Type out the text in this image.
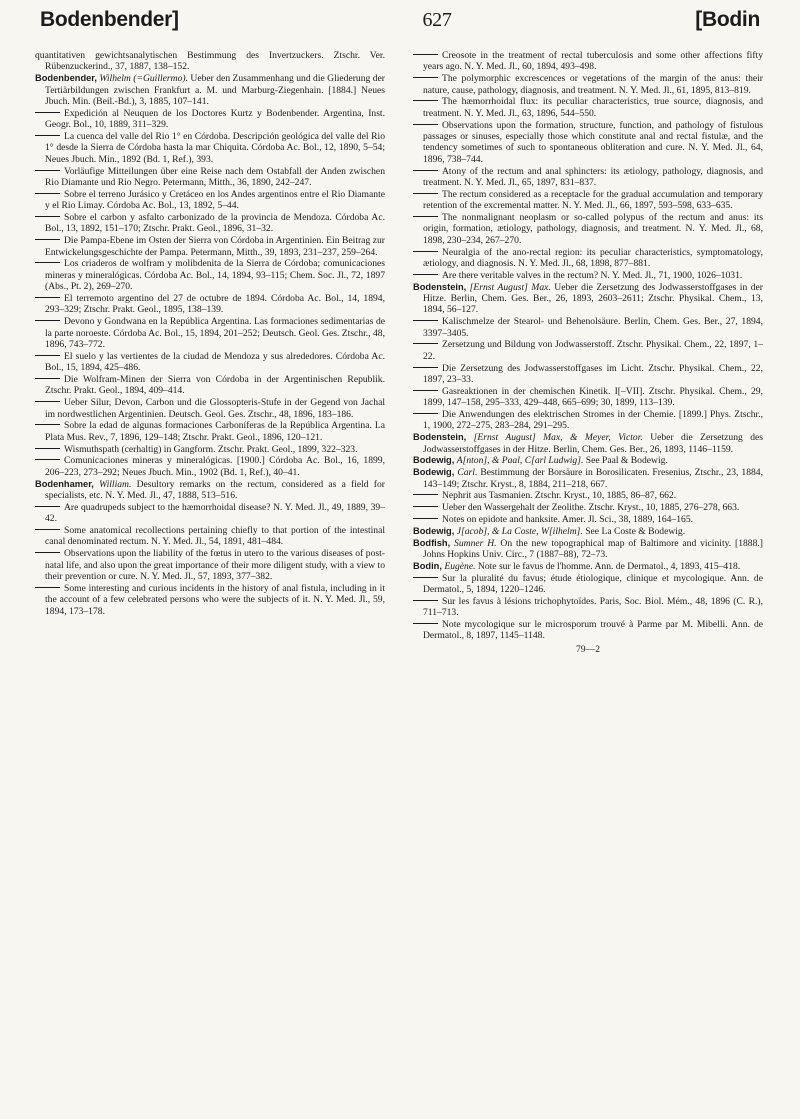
Bodenbender]	627	[Bodin

quantitativen gewichtsanalytischen Bestimmung des Invertzuckers. Ztschr. Ver. Rübenzuckerind., 37, 1887, 138–152.

Bodenbender, Wilhelm (=Guillermo). Ueber den Zusammenhang und die Gliederung der Tertiärbildungen zwischen Frankfurt a. M. und Marburg-Ziegenhain. [1884.] Neues Jbuch. Min. (Beil.-Bd.), 3, 1885, 107–141.

Expedición al Neuquen de los Doctores Kurtz y Bodenbender. Argentina, Inst. Geogr. Bol., 10, 1889, 311–329.

La cuenca del valle del Rio 1° en Córdoba. Descripción geológica del valle del Rio 1° desde la Sierra de Córdoba hasta la mar Chiquita. Córdoba Ac. Bol., 12, 1890, 5–54; Neues Jbuch. Min., 1892 (Bd. 1, Ref.), 393.

Vorläufige Mitteilungen über eine Reise nach dem Ostabfall der Anden zwischen Rio Diamante und Rio Negro. Petermann, Mitth., 36, 1890, 242–247.

Sobre el terreno Jurásico y Cretáceo en los Andes argentinos entre el Rio Diamante y el Rio Limay. Córdoba Ac. Bol., 13, 1892, 5–44.

Sobre el carbon y asfalto carbonizado de la provincia de Mendoza. Córdoba Ac. Bol., 13, 1892, 151–170; Ztschr. Prakt. Geol., 1896, 31–32.

Die Pampa-Ebene im Osten der Sierra von Córdoba in Argentinien. Ein Beitrag zur Entwickelungsgeschichte der Pampa. Petermann, Mitth., 39, 1893, 231–237, 259–264.

Los criaderos de wolfram y molibdenita de la Sierra de Córdoba; comunicaciones mineras y mineralógicas. Córdoba Ac. Bol., 14, 1894, 93–115; Chem. Soc. Jl., 72, 1897 (Abs., Pt. 2), 269–270.

El terremoto argentino del 27 de octubre de 1894. Córdoba Ac. Bol., 14, 1894, 293–329; Ztschr. Prakt. Geol., 1895, 138–139.

Devono y Gondwana en la República Argentina. Las formaciones sedimentarias de la parte noroeste. Córdoba Ac. Bol., 15, 1894, 201–252; Deutsch. Geol. Ges. Ztschr., 48, 1896, 743–772.

El suelo y las vertientes de la ciudad de Mendoza y sus alrededores. Córdoba Ac. Bol., 15, 1894, 425–486.

Die Wolfram-Minen der Sierra von Córdoba in der Argentinischen Republik. Ztschr. Prakt. Geol., 1894, 409–414.

Ueber Silur, Devon, Carbon und die Glossopteris-Stufe in der Gegend von Jachal im nordwestlichen Argentinien. Deutsch. Geol. Ges. Ztschr., 48, 1896, 183–186.

Sobre la edad de algunas formaciones Carboníferas de la República Argentina. La Plata Mus. Rev., 7, 1896, 129–148; Ztschr. Prakt. Geol., 1896, 120–121.

Wismuthspath (cerhaltig) in Gangform. Ztschr. Prakt. Geol., 1899, 322–323.

Comunicaciones mineras y mineralógicas. [1900.] Córdoba Ac. Bol., 16, 1899, 206–223, 273–292; Neues Jbuch. Min., 1902 (Bd. 1, Ref.), 40–41.

Bodenhamer, William. Desultory remarks on the rectum, considered as a field for specialists, etc. N. Y. Med. Jl., 47, 1888, 513–516.

Are quadrupeds subject to the hæmorrhoidal disease? N. Y. Med. Jl., 49, 1889, 39–42.

Some anatomical recollections pertaining chiefly to that portion of the intestinal canal denominated rectum. N. Y. Med. Jl., 54, 1891, 481–484.

Observations upon the liability of the fœtus in utero to the various diseases of post-natal life, and also upon the great importance of their more diligent study, with a view to their prevention or cure. N. Y. Med. Jl., 57, 1893, 377–382.

Some interesting and curious incidents in the history of anal fistula, including in it the account of a few celebrated persons who were the subjects of it. N. Y. Med. Jl., 59, 1894, 173–178.

Creosote in the treatment of rectal tuberculosis and some other affections fifty years ago. N. Y. Med. Jl., 60, 1894, 493–498.

The polymorphic excrescences or vegetations of the margin of the anus: their nature, cause, pathology, diagnosis, and treatment. N. Y. Med. Jl., 61, 1895, 813–819.

The hæmorrhoidal flux: its peculiar characteristics, true source, diagnosis, and treatment. N. Y. Med. Jl., 63, 1896, 544–550.

Observations upon the formation, structure, function, and pathology of fistulous passages or sinuses, especially those which constitute anal and rectal fistulæ, and the tendency sometimes of such to spontaneous obliteration and cure. N. Y. Med. Jl., 64, 1896, 738–744.

Atony of the rectum and anal sphincters: its ætiology, pathology, diagnosis, and treatment. N. Y. Med. Jl., 65, 1897, 831–837.

The rectum considered as a receptacle for the gradual accumulation and temporary retention of the excremental matter. N. Y. Med. Jl., 66, 1897, 593–598, 633–635.

The nonmalignant neoplasm or so-called polypus of the rectum and anus: its origin, formation, ætiology, pathology, diagnosis, and treatment. N. Y. Med. Jl., 68, 1898, 230–234, 267–270.

Neuralgia of the ano-rectal region: its peculiar characteristics, symptomatology, ætiology, and diagnosis. N. Y. Med. Jl., 68, 1898, 877–881.

Are there veritable valves in the rectum? N. Y. Med. Jl., 71, 1900, 1026–1031.

Bodenstein, [Ernst August] Max. Ueber die Zersetzung des Jodwasserstoffgases in der Hitze. Berlin, Chem. Ges. Ber., 26, 1893, 2603–2611; Ztschr. Physikal. Chem., 13, 1894, 56–127.

Kalischmelze der Stearol- und Behenolsäure. Berlin, Chem. Ges. Ber., 27, 1894, 3397–3405.

Zersetzung und Bildung von Jodwasserstoff. Ztschr. Physikal. Chem., 22, 1897, 1–22.

Die Zersetzung des Jodwasserstoffgases im Licht. Ztschr. Physikal. Chem., 22, 1897, 23–33.

Gasreaktionen in der chemischen Kinetik. I[–VII]. Ztschr. Physikal. Chem., 29, 1899, 147–158, 295–333, 429–448, 665–699; 30, 1899, 113–139.

Die Anwendungen des elektrischen Stromes in der Chemie. [1899.] Phys. Ztschr., 1, 1900, 272–275, 283–284, 291–295.

Bodenstein, [Ernst August] Max, & Meyer, Victor. Ueber die Zersetzung des Jodwasserstoffgases in der Hitze. Berlin, Chem. Ges. Ber., 26, 1893, 1146–1159.

Bodewig, A[nton], & Paal, C[arl Ludwig]. See Paal & Bodewig.

Bodewig, Carl. Bestimmung der Borsäure in Borosilicaten. Fresenius, Ztschr., 23, 1884, 143–149; Ztschr. Kryst., 8, 1884, 211–218, 667.

Nephrit aus Tasmanien. Ztschr. Kryst., 10, 1885, 86–87, 662.

Ueber den Wassergehalt der Zeolithe. Ztschr. Kryst., 10, 1885, 276–278, 663.

Notes on epidote and hanksite. Amer. Jl. Sci., 38, 1889, 164–165.

Bodewig, J[acob], & La Coste, W[ilhelm]. See La Coste & Bodewig.

Bodfish, Sumner H. On the new topographical map of Baltimore and vicinity. [1888.] Johns Hopkins Univ. Circ., 7 (1887–88), 72–73.

Bodin, Eugène. Note sur le favus de l'homme. Ann. de Dermatol., 4, 1893, 415–418.

Sur la pluralité du favus; étude étiologique, clinique et mycologique. Ann. de Dermatol., 5, 1894, 1220–1246.

Sur les favus à lésions trichophytoïdes. Paris, Soc. Biol. Mém., 48, 1896 (C. R.), 711–713.

Note mycologique sur le microsporum trouvé à Parme par M. Mibelli. Ann. de Dermatol., 8, 1897, 1145–1148.

79—2
